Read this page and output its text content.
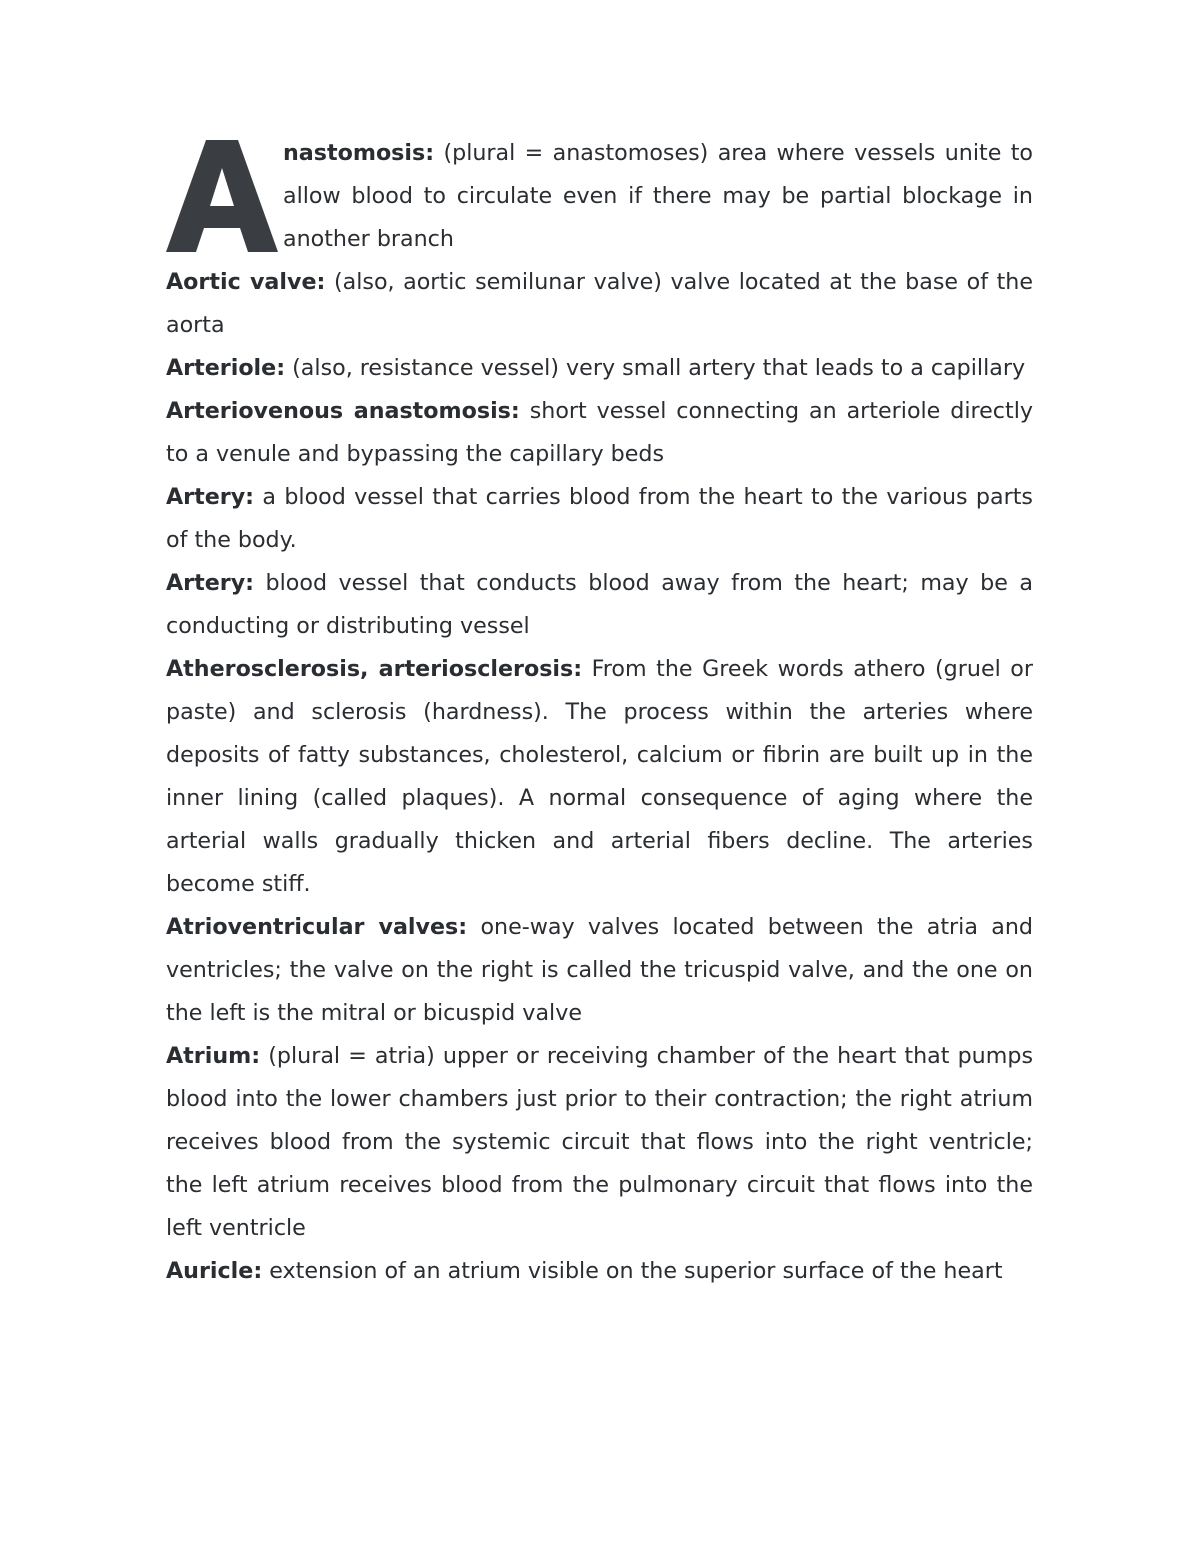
nastomosis: (plural = anastomoses) area where vessels unite to allow blood to circulate even if there may be partial blockage in another branch

Aortic valve: (also, aortic semilunar valve) valve located at the base of the aorta

Arteriole: (also, resistance vessel) very small artery that leads to a capillary

Arteriovenous anastomosis: short vessel connecting an arteriole directly to a venule and bypassing the capillary beds

Artery: a blood vessel that carries blood from the heart to the various parts of the body.

Artery: blood vessel that conducts blood away from the heart; may be a conducting or distributing vessel

Atherosclerosis, arteriosclerosis: From the Greek words athero (gruel or paste) and sclerosis (hardness). The process within the arteries where deposits of fatty substances, cholesterol, calcium or fibrin are built up in the inner lining (called plaques). A normal consequence of aging where the arterial walls gradually thicken and arterial fibers decline. The arteries become stiff.

Atrioventricular valves: one-way valves located between the atria and ventricles; the valve on the right is called the tricuspid valve, and the one on the left is the mitral or bicuspid valve

Atrium: (plural = atria) upper or receiving chamber of the heart that pumps blood into the lower chambers just prior to their contraction; the right atrium receives blood from the systemic circuit that flows into the right ventricle; the left atrium receives blood from the pulmonary circuit that flows into the left ventricle

Auricle: extension of an atrium visible on the superior surface of the heart
